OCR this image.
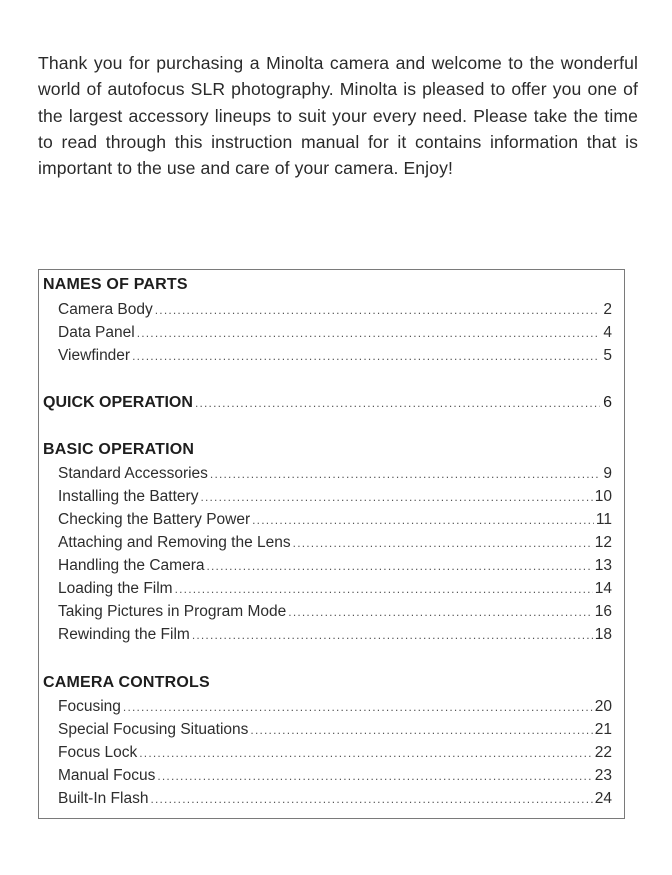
Thank you for purchasing a Minolta camera and welcome to the wonderful world of autofocus SLR photography. Minolta is pleased to offer you one of the largest accessory lineups to suit your every need. Please take the time to read through this instruction manual for it contains information that is important to the use and care of your camera. Enjoy!

NAMES OF PARTS
Camera Body .....	2
Data Panel .....	4
Viewfinder .....	5
QUICK OPERATION .....	6
BASIC OPERATION
Standard Accessories .....	9
Installing the Battery .....	10
Checking the Battery Power .....	11
Attaching and Removing the Lens .....	12
Handling the Camera .....	13
Loading the Film .....	14
Taking Pictures in Program Mode .....	16
Rewinding the Film .....	18
CAMERA CONTROLS
Focusing .....	20
Special Focusing Situations .....	21
Focus Lock .....	22
Manual Focus .....	23
Built-In Flash .....	24
